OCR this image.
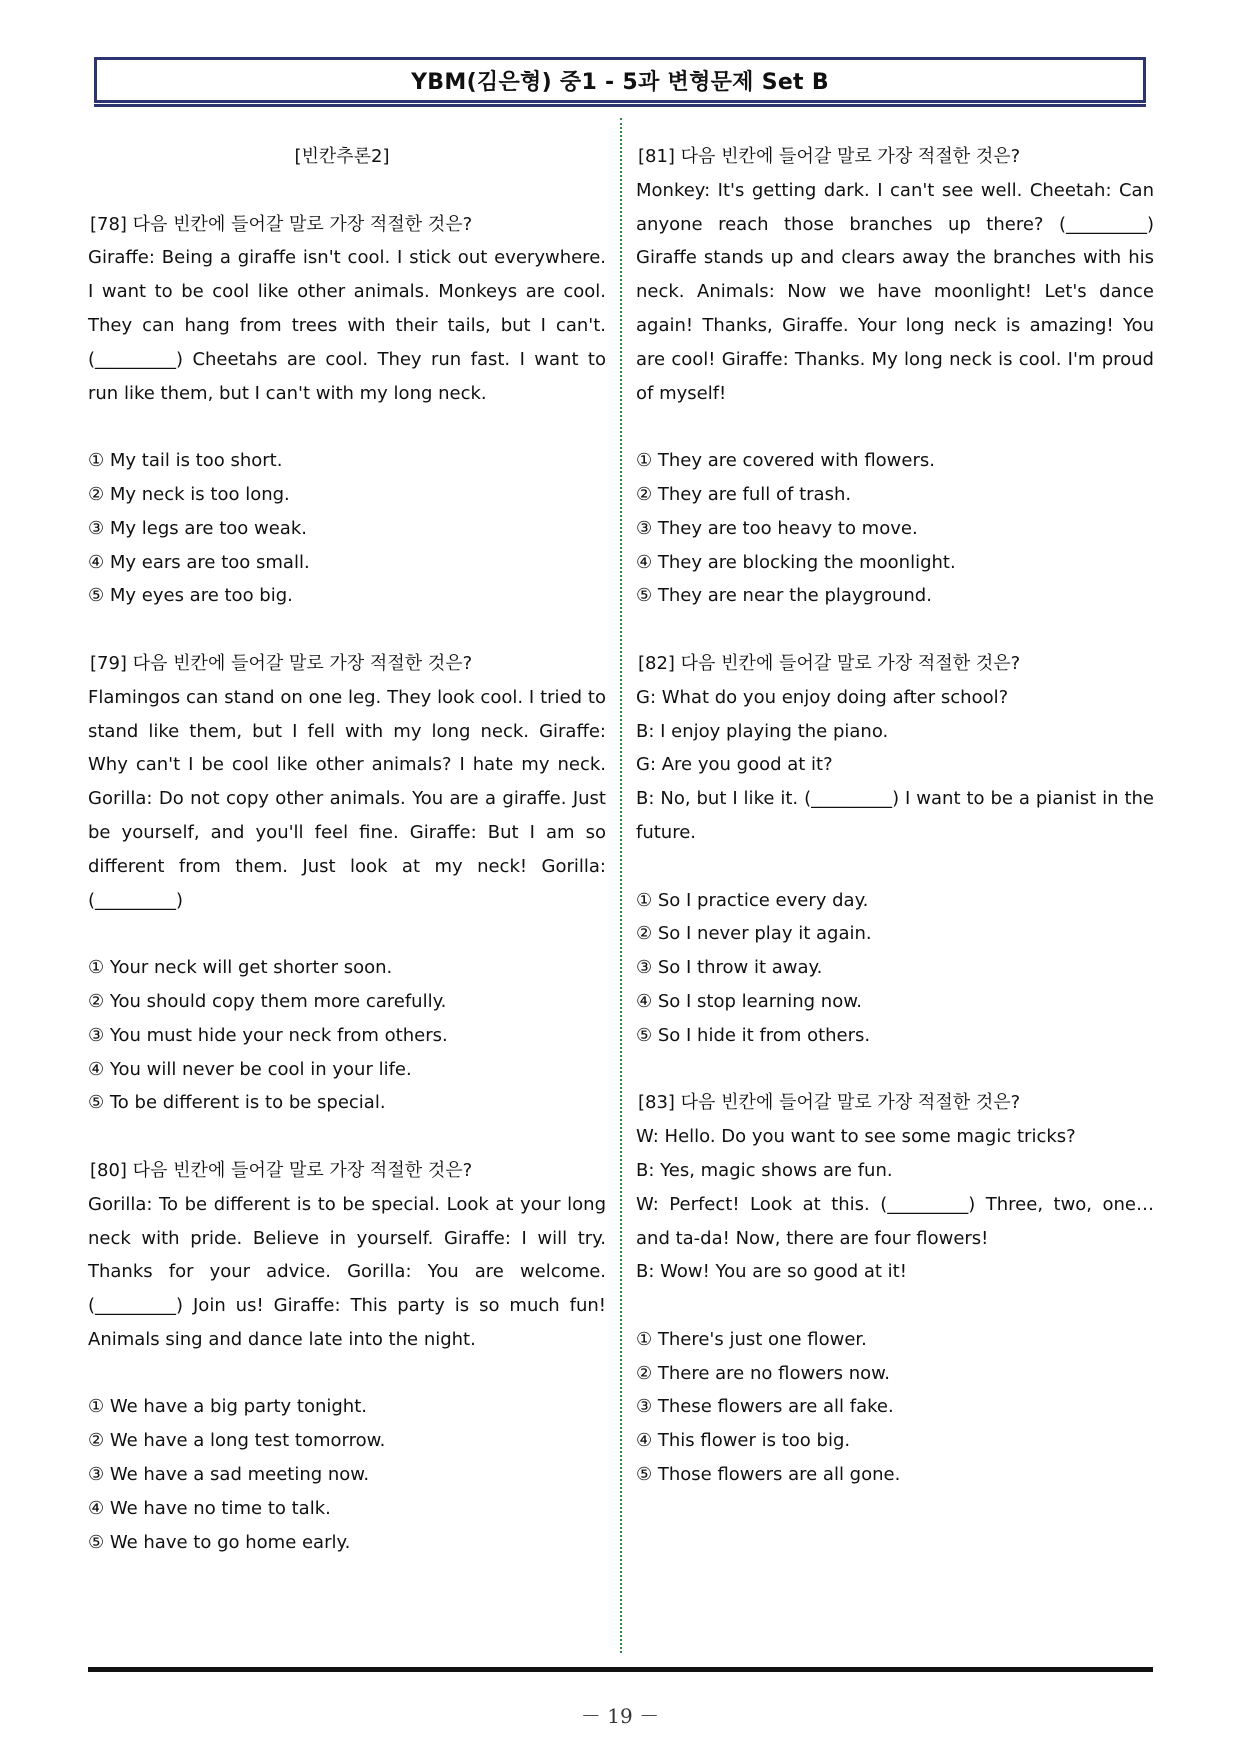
YBM(김은형) 중1 - 5과 변형문제 Set B
[빈칸추론2]
[78] 다음 빈칸에 들어갈 말로 가장 적절한 것은?
Giraffe: Being a giraffe isn't cool. I stick out everywhere. I want to be cool like other animals. Monkeys are cool. They can hang from trees with their tails, but I can't. (_________) Cheetahs are cool. They run fast. I want to run like them, but I can't with my long neck.
① My tail is too short.
② My neck is too long.
③ My legs are too weak.
④ My ears are too small.
⑤ My eyes are too big.
[79] 다음 빈칸에 들어갈 말로 가장 적절한 것은?
Flamingos can stand on one leg. They look cool. I tried to stand like them, but I fell with my long neck. Giraffe: Why can't I be cool like other animals? I hate my neck. Gorilla: Do not copy other animals. You are a giraffe. Just be yourself, and you'll feel fine. Giraffe: But I am so different from them. Just look at my neck! Gorilla: (_________)
① Your neck will get shorter soon.
② You should copy them more carefully.
③ You must hide your neck from others.
④ You will never be cool in your life.
⑤ To be different is to be special.
[80] 다음 빈칸에 들어갈 말로 가장 적절한 것은?
Gorilla: To be different is to be special. Look at your long neck with pride. Believe in yourself. Giraffe: I will try. Thanks for your advice. Gorilla: You are welcome. (_________) Join us! Giraffe: This party is so much fun! Animals sing and dance late into the night.
① We have a big party tonight.
② We have a long test tomorrow.
③ We have a sad meeting now.
④ We have no time to talk.
⑤ We have to go home early.
[81] 다음 빈칸에 들어갈 말로 가장 적절한 것은?
Monkey: It's getting dark. I can't see well. Cheetah: Can anyone reach those branches up there? (_________) Giraffe stands up and clears away the branches with his neck. Animals: Now we have moonlight! Let's dance again! Thanks, Giraffe. Your long neck is amazing! You are cool! Giraffe: Thanks. My long neck is cool. I'm proud of myself!
① They are covered with flowers.
② They are full of trash.
③ They are too heavy to move.
④ They are blocking the moonlight.
⑤ They are near the playground.
[82] 다음 빈칸에 들어갈 말로 가장 적절한 것은?
G: What do you enjoy doing after school?
B: I enjoy playing the piano.
G: Are you good at it?
B: No, but I like it. (_________) I want to be a pianist in the future.
① So I practice every day.
② So I never play it again.
③ So I throw it away.
④ So I stop learning now.
⑤ So I hide it from others.
[83] 다음 빈칸에 들어갈 말로 가장 적절한 것은?
W: Hello. Do you want to see some magic tricks?
B: Yes, magic shows are fun.
W: Perfect! Look at this. (_________) Three, two, one… and ta-da! Now, there are four flowers!
B: Wow! You are so good at it!
① There's just one flower.
② There are no flowers now.
③ These flowers are all fake.
④ This flower is too big.
⑤ Those flowers are all gone.
－ 19 －
